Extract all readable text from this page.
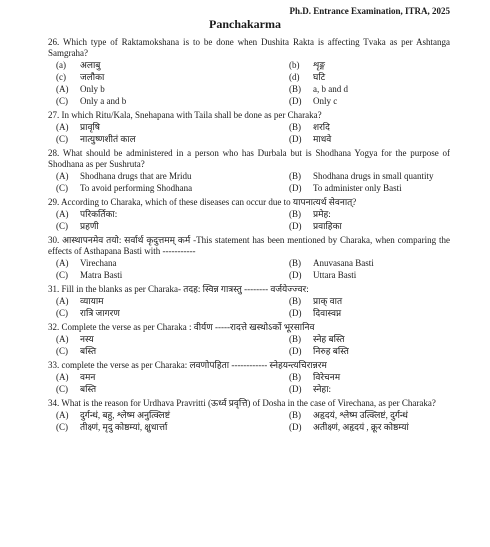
Ph.D. Entrance Examination, ITRA, 2025
Panchakarma
26. Which type of Raktamokshana is to be done when Dushita Rakta is affecting Tvaka as per Ashtanga Samgraha?
(a)	अलाबु	(b)	शृङ्ग
(c)	जलौका	(d)	घटि
(A)	Only b	(B)	a, b and d
(C)	Only a and b	(D)	Only c
27. In which Ritu/Kala, Snehapana with Taila shall be done as per Charaka?
(A)	प्रावृषि	(B)	शरदि
(C)	नात्युष्णशीतं काल	(D)	माधवे
28. What should be administered in a person who has Durbala but is Shodhana Yogya for the purpose of Shodhana as per Sushruta?
(A)	Shodhana drugs that are Mridu	(B)	Shodhana drugs in small quantity
(C)	To avoid performing Shodhana	(D)	To administer only Basti
29. According to Charaka, which of these diseases can occur due to यापनात्यर्थ सेवनात्?
(A)	परिकर्तिका:	(B)	प्रमेह:
(C)	प्रहणी	(D)	प्रवाहिका
30. आस्थापनमेव तयो: सर्वार्थ कृदुत्तमम् कर्म -This statement has been mentioned by Charaka, when comparing the effects of Asthapana Basti with -----------
(A)	Virechana	(B)	Anuvasana Basti
(C)	Matra Basti	(D)	Uttara Basti
31. Fill in the blanks as per Charaka- तदह: स्विन्न गात्रस्तु -------- वर्जयेज्ज्वर:
(A)	व्यायाम	(B)	प्राक् वात
(C)	रात्रि जागरण	(D)	दिवास्वप्न
32. Complete the verse as per Charaka : वीर्यण -----रादत्ते खस्थोऽर्को भूरसानिव
(A)	नस्य	(B)	स्नेह बस्ति
(C)	बस्ति	(D)	निरुह बस्ति
33. complete the verse as per Charaka: लवणोपहिता ------------ स्नेहयन्त्यचिरान्नरम
(A)	वमन	(B)	विरेचनम
(C)	बस्ति	(D)	स्नेहा:
34. What is the reason for Urdhava Pravritti (ऊर्ध्व प्रवृत्ति) of Dosha in the case of Virechana, as per Charaka?
(A)	दुर्गन्धं, बहु, श्लेष्म अनुत्क्लिष्टं	(B)	अहृदयं, श्लेष्म उत्क्लिष्टं, दुर्गन्धं
(C)	तीक्ष्णं, मृदु कोष्ठम्यां, क्षुधार्त्ता	(D)	अतीक्ष्णं, अहृदयं , क्रूर कोष्ठम्यां
